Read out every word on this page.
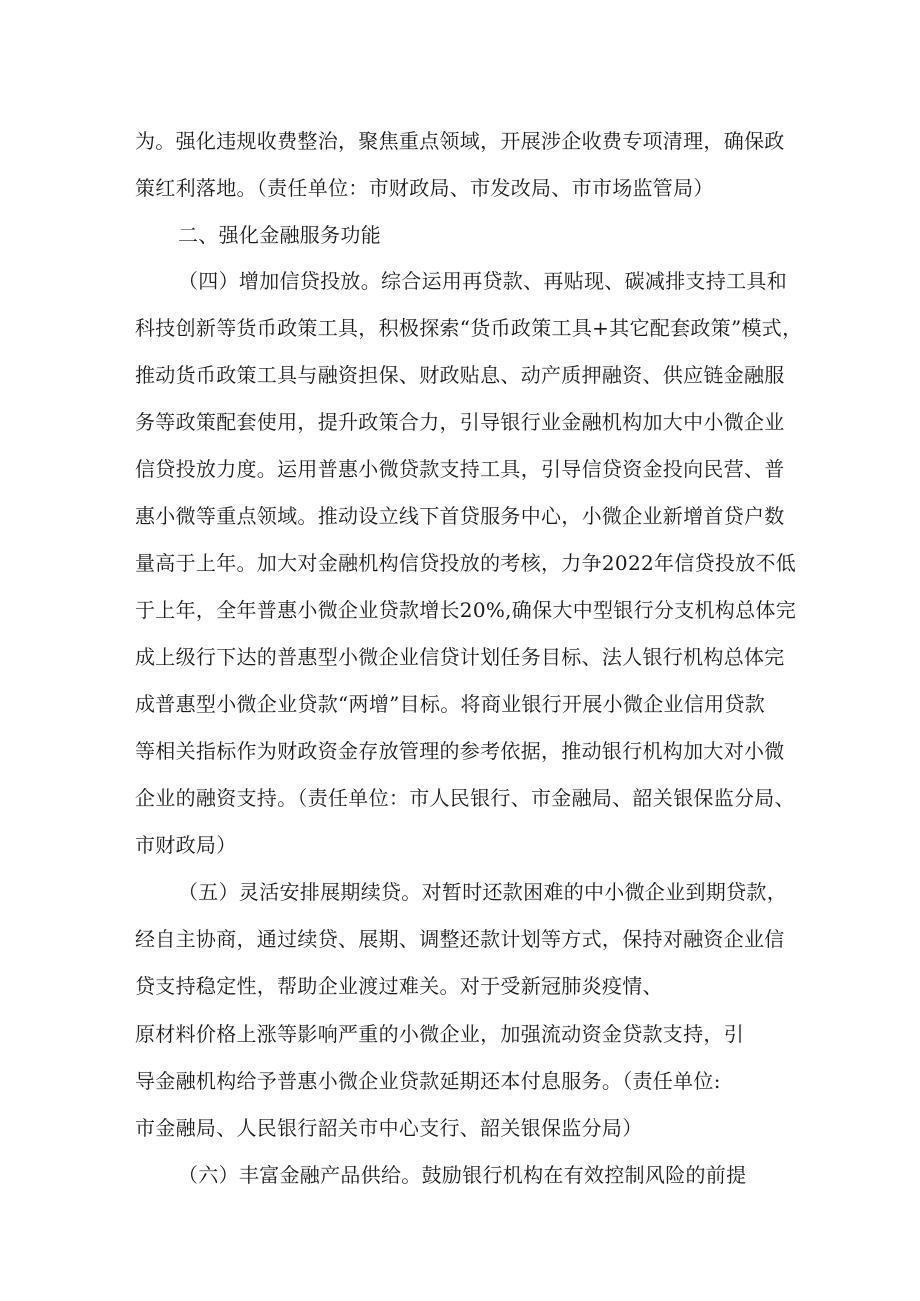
为。强化违规收费整治，聚焦重点领域，开展涉企收费专项清理，确保政
策红利落地。（责任单位：市财政局、市发改局、市市场监管局）
二、强化金融服务功能
（四）增加信贷投放。综合运用再贷款、再贴现、碳减排支持工具和
科技创新等货币政策工具，积极探索“货币政策工具+其它配套政策”模式，
推动货币政策工具与融资担保、财政贴息、动产质押融资、供应链金融服
务等政策配套使用，提升政策合力，引导银行业金融机构加大中小微企业
信贷投放力度。运用普惠小微贷款支持工具，引导信贷资金投向民营、普
惠小微等重点领域。推动设立线下首贷服务中心，小微企业新增首贷户数
量高于上年。加大对金融机构信贷投放的考核，力争2022年信贷投放不低
于上年，全年普惠小微企业贷款增长20%,确保大中型银行分支机构总体完
成上级行下达的普惠型小微企业信贷计划任务目标、法人银行机构总体完
成普惠型小微企业贷款“两增”目标。将商业银行开展小微企业信用贷款
等相关指标作为财政资金存放管理的参考依据，推动银行机构加大对小微
企业的融资支持。（责任单位：市人民银行、市金融局、韶关银保监分局、
市财政局）
（五）灵活安排展期续贷。对暂时还款困难的中小微企业到期贷款，
经自主协商，通过续贷、展期、调整还款计划等方式，保持对融资企业信
贷支持稳定性，帮助企业渡过难关。对于受新冠肺炎疫情、
原材料价格上涨等影响严重的小微企业，加强流动资金贷款支持，引
导金融机构给予普惠小微企业贷款延期还本付息服务。（责任单位:
市金融局、人民银行韶关市中心支行、韶关银保监分局）
（六）丰富金融产品供给。鼓励银行机构在有效控制风险的前提
